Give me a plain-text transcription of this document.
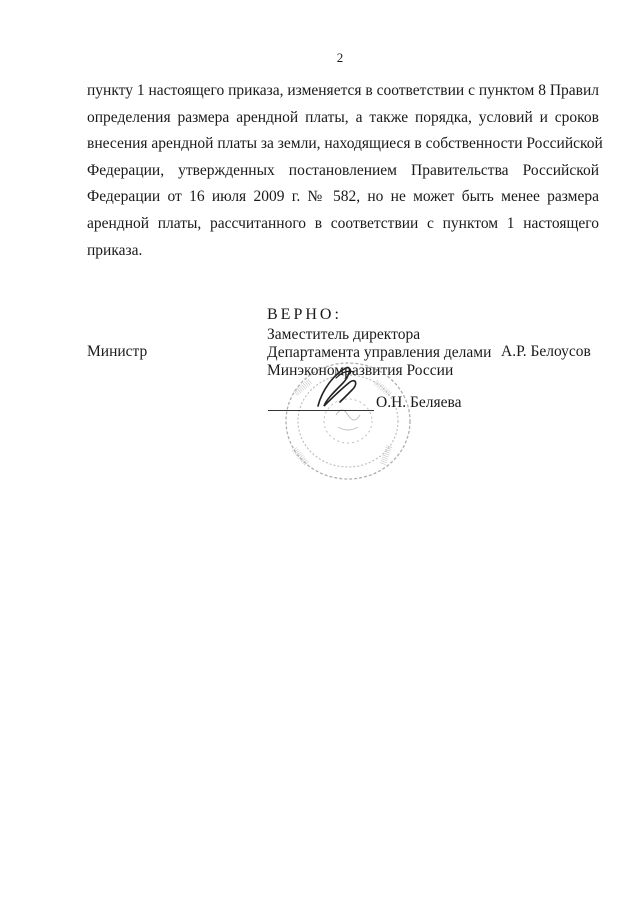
2
пункту 1 настоящего приказа, изменяется в соответствии с пунктом 8 Правил
определения размера арендной платы, а также порядка, условий и сроков
внесения арендной платы за земли, находящиеся в собственности Российской
Федерации, утвержденных постановлением Правительства Российской
Федерации от 16 июля 2009 г. № 582, но не может быть менее размера
арендной платы, рассчитанного в соответствии с пунктом 1 настоящего
приказа.
ВЕРНО:
Заместитель директора
Департамента управления делами
Минэкономразвития России
Министр	А.Р. Белоусов
||||||||||	||||||||||
||||||||||
||||||||||
О.Н. Беляева
